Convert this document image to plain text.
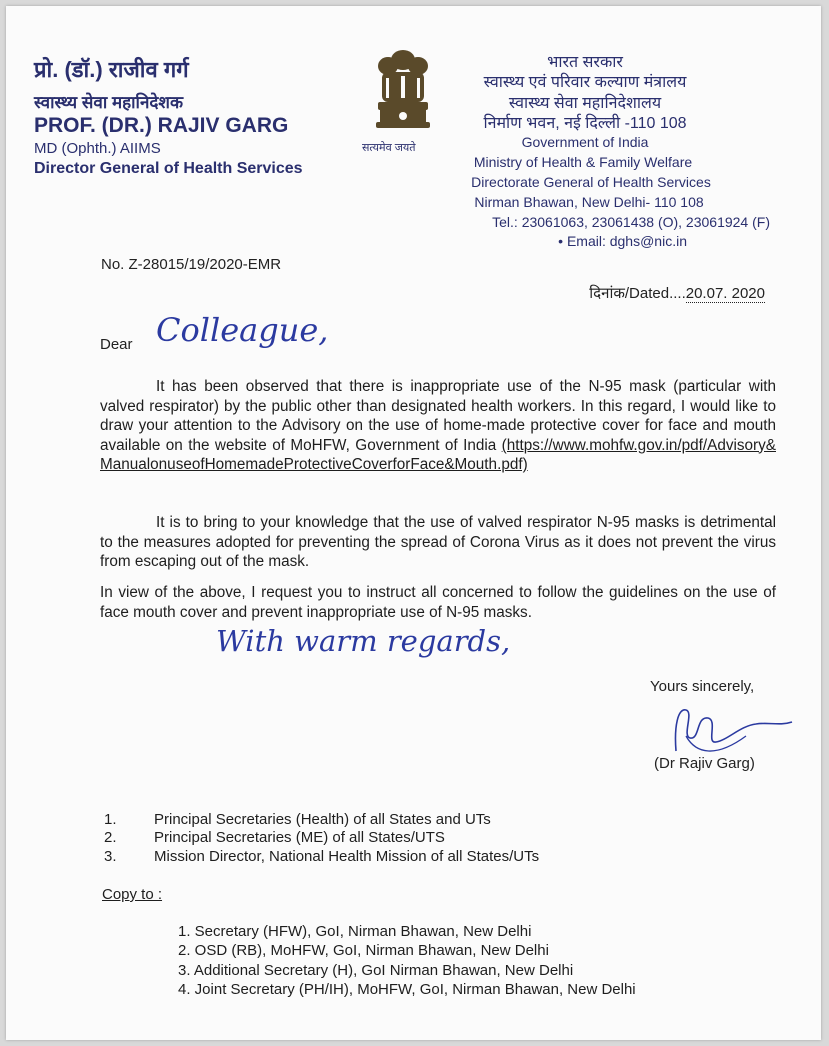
प्रो. (डॉ.) राजीव गर्ग
स्वास्थ्य सेवा महानिदेशक
PROF. (DR.) RAJIV GARG
MD (Ophth.) AIIMS
Director General of Health Services
सत्यमेव जयते
भारत सरकार
स्वास्थ्य एवं परिवार कल्याण मंत्रालय
स्वास्थ्य सेवा महानिदेशालय
निर्माण भवन, नई दिल्ली -110 108
Government of India
Ministry of Health & Family Welfare
Directorate General of Health Services
Nirman Bhawan, New Delhi- 110 108
Tel.: 23061063, 23061438 (O), 23061924 (F)
• Email: dghs@nic.in
No. Z-28015/19/2020-EMR
दिनांक/Dated....20.07. 2020
Dear Colleague,
It has been observed that there is inappropriate use of the N-95 mask (particular with valved respirator) by the public other than designated health workers. In this regard, I would like to draw your attention to the Advisory on the use of home-made protective cover for face and mouth available on the website of MoHFW, Government of India (https://www.mohfw.gov.in/pdf/Advisory&ManualonuseofHomemadeProtectiveCoverforFace&Mouth.pdf)
It is to bring to your knowledge that the use of valved respirator N-95 masks is detrimental to the measures adopted for preventing the spread of Corona Virus as it does not prevent the virus from escaping out of the mask.
In view of the above, I request you to instruct all concerned to follow the guidelines on the use of face mouth cover and prevent inappropriate use of N-95 masks.
With warm regards,
Yours sincerely,
(Dr Rajiv Garg)
1. Principal Secretaries (Health) of all States and UTs
2. Principal Secretaries (ME) of all States/UTS
3. Mission Director, National Health Mission of all States/UTs
Copy to :
1. Secretary (HFW), GoI, Nirman Bhawan, New Delhi
2. OSD (RB), MoHFW, GoI, Nirman Bhawan, New Delhi
3. Additional Secretary (H), GoI Nirman Bhawan, New Delhi
4. Joint Secretary (PH/IH), MoHFW, GoI, Nirman Bhawan, New Delhi
